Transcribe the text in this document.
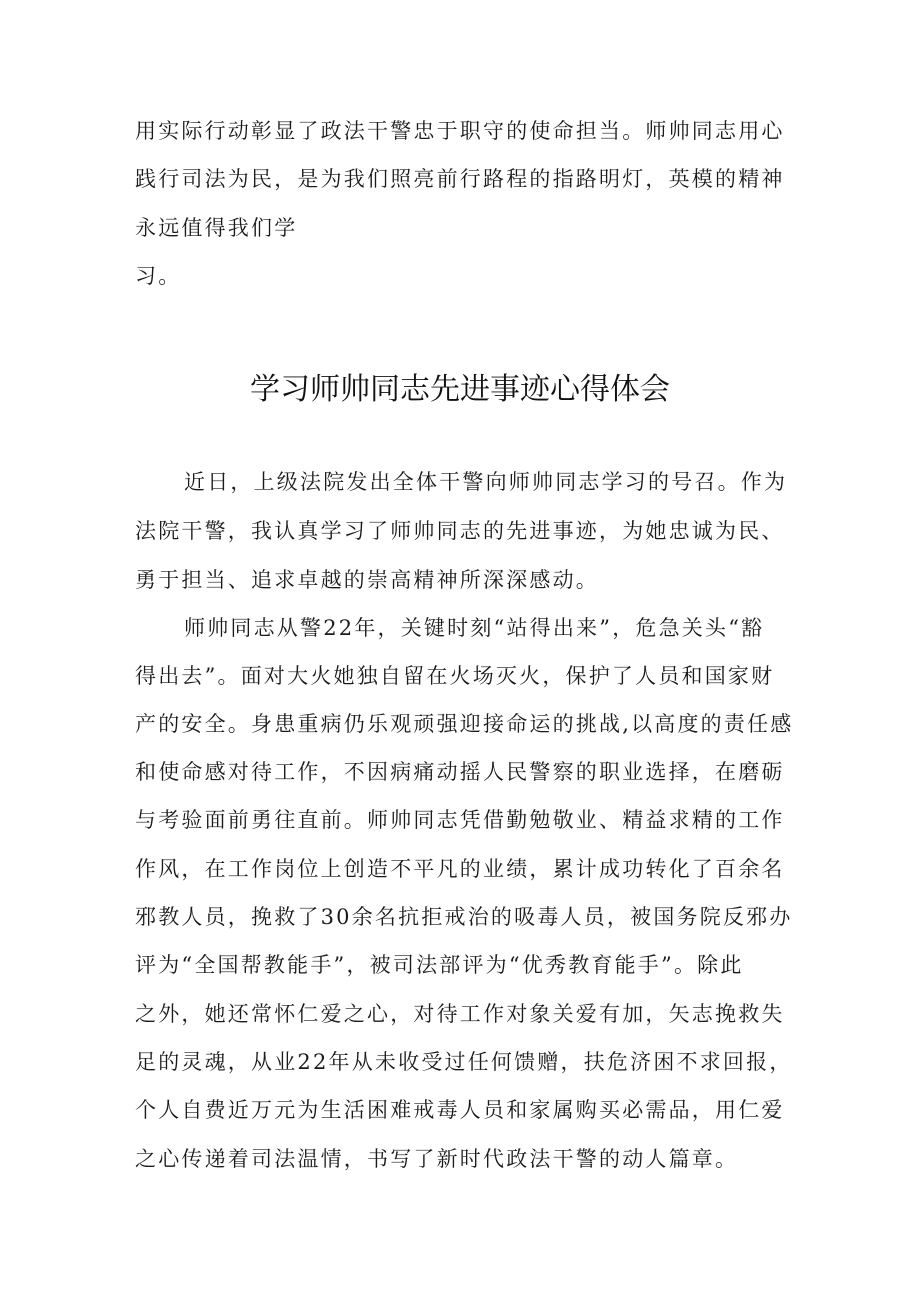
用实际行动彰显了政法干警忠于职守的使命担当。师帅同志用心
践行司法为民，是为我们照亮前行路程的指路明灯，英模的精神
永远值得我们学
习。
学习师帅同志先进事迹心得体会
近日，上级法院发出全体干警向师帅同志学习的号召。作为
法院干警，我认真学习了师帅同志的先进事迹，为她忠诚为民、
勇于担当、追求卓越的崇高精神所深深感动。
师帅同志从警22年，关键时刻“站得出来”，危急关头“豁
得出去”。面对大火她独自留在火场灭火，保护了人员和国家财
产的安全。身患重病仍乐观顽强迎接命运的挑战,以高度的责任感
和使命感对待工作，不因病痛动摇人民警察的职业选择，在磨砺
与考验面前勇往直前。师帅同志凭借勤勉敬业、精益求精的工作
作风，在工作岗位上创造不平凡的业绩，累计成功转化了百余名
邪教人员，挽救了30余名抗拒戒治的吸毒人员，被国务院反邪办
评为“全国帮教能手”，被司法部评为“优秀教育能手”。除此
之外，她还常怀仁爱之心，对待工作对象关爱有加，矢志挽救失
足的灵魂，从业22年从未收受过任何馈赠，扶危济困不求回报，
个人自费近万元为生活困难戒毒人员和家属购买必需品，用仁爱
之心传递着司法温情，书写了新时代政法干警的动人篇章。
